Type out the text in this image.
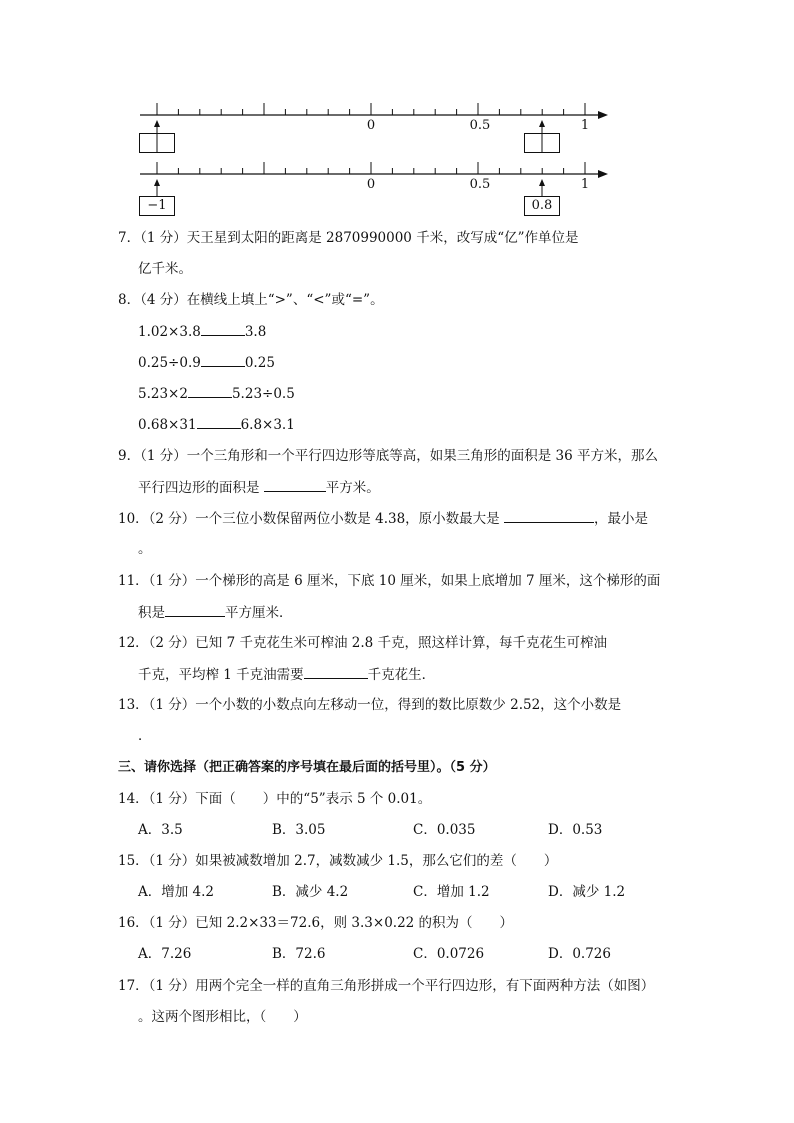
0	0.5	1
0	0.5	1
−1	0.8
7．（1 分）天王星到太阳的距离是 2870990000 千米，改写成“亿”作单位是
亿千米。
8．（4 分）在横线上填上“>”、“<”或“=”。
1.02×3.8	3.8
0.25÷0.9	0.25
5.23×2	5.23÷0.5
0.68×31	6.8×3.1
9．（1 分）一个三角形和一个平行四边形等底等高，如果三角形的面积是 36 平方米，那么
平行四边形的面积是	平方米。
10．（2 分）一个三位小数保留两位小数是 4.38，原小数最大是	，最小是
。
11．（1 分）一个梯形的高是 6 厘米，下底 10 厘米，如果上底增加 7 厘米，这个梯形的面
积是	平方厘米．
12．（2 分）已知 7 千克花生米可榨油 2.8 千克，照这样计算，每千克花生可榨油
千克，平均榨 1 千克油需要	千克花生．
13．（1 分）一个小数的小数点向左移动一位，得到的数比原数少 2.52，这个小数是
．
三、请你选择（把正确答案的序号填在最后面的括号里）。（5 分）
14．（1 分）下面（　　）中的“5”表示 5 个 0.01。
A．3.5	B．3.05	C．0.035	D．0.53
15．（1 分）如果被减数增加 2.7，减数减少 1.5，那么它们的差（　　）
A．增加 4.2	B．减少 4.2	C．增加 1.2	D．减少 1.2
16．（1 分）已知 2.2×33＝72.6，则 3.3×0.22 的积为（　　）
A．7.26	B．72.6	C．0.0726	D．0.726
17．（1 分）用两个完全一样的直角三角形拼成一个平行四边形，有下面两种方法（如图）
。这两个图形相比，（　　）
